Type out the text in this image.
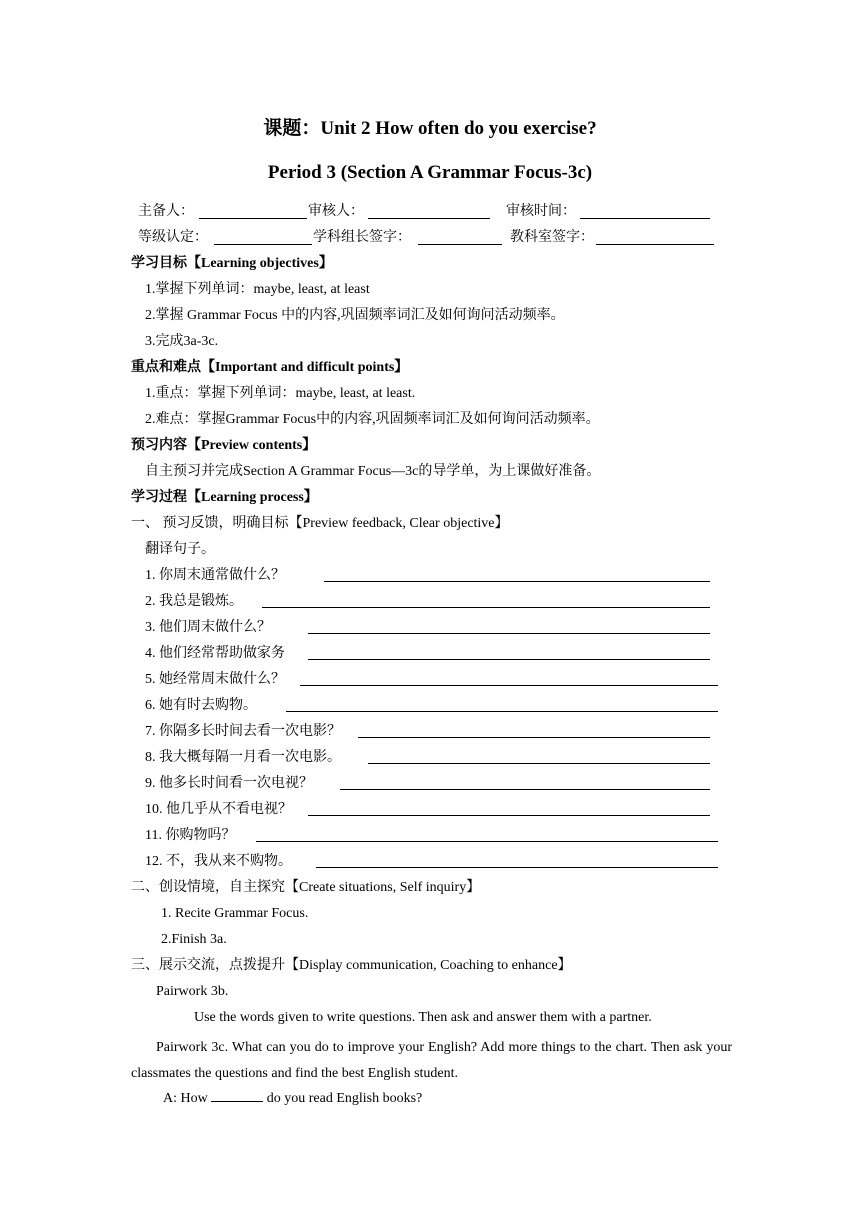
课题：Unit 2 How often do you exercise?
Period 3 (Section A Grammar Focus-3c)
主备人：	审核人：	审核时间：
等级认定：	学科组长签字：	教科室签字：
学习目标【Learning objectives】
1.掌握下列单词：maybe, least, at least
2.掌握 Grammar Focus 中的内容,巩固频率词汇及如何询问活动频率。
3.完成3a-3c.
重点和难点【Important and difficult points】
1.重点：掌握下列单词：maybe, least, at least.
2.难点：掌握Grammar Focus中的内容,巩固频率词汇及如何询问活动频率。
预习内容【Preview contents】
自主预习并完成Section A Grammar Focus—3c的导学单，为上课做好准备。
学习过程【Learning process】
一、 预习反馈，明确目标【Preview feedback, Clear objective】
翻译句子。
1. 你周末通常做什么？
2. 我总是锻炼。
3. 他们周末做什么？
4. 他们经常帮助做家务
5. 她经常周末做什么？
6. 她有时去购物。
7. 你隔多长时间去看一次电影？
8. 我大概每隔一月看一次电影。
9. 他多长时间看一次电视？
10. 他几乎从不看电视？
11. 你购物吗？
12. 不，我从来不购物。
二、创设情境，自主探究【Create situations, Self inquiry】
1. Recite Grammar Focus.
2.Finish 3a.
三、展示交流，点拨提升【Display communication, Coaching to enhance】
Pairwork 3b.
Use the words given to write questions. Then ask and answer them with a partner.
Pairwork 3c. What can you do to improve your English? Add more things to the chart. Then ask your classmates the questions and find the best English student.
A: How	do you read English books?
